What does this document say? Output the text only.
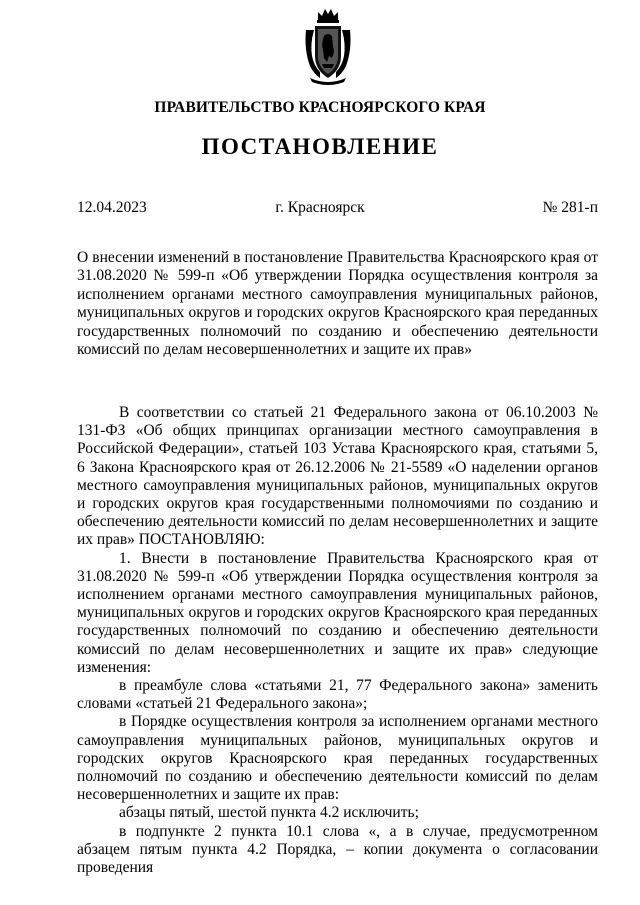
ПРАВИТЕЛЬСТВО КРАСНОЯРСКОГО КРАЯ
ПОСТАНОВЛЕНИЕ
12.04.2023	г. Красноярск	№ 281-п

О внесении изменений в постановление Правительства Красноярского края от 31.08.2020 № 599-п «Об утверждении Порядка осуществления контроля за исполнением органами местного самоуправления муниципальных районов, муниципальных округов и городских округов Красноярского края переданных государственных полномочий по созданию и обеспечению деятельности комиссий по делам несовершеннолетних и защите их прав»

В соответствии со статьей 21 Федерального закона от 06.10.2003 № 131-ФЗ «Об общих принципах организации местного самоуправления в Российской Федерации», статьей 103 Устава Красноярского края, статьями 5, 6 Закона Красноярского края от 26.12.2006 № 21-5589 «О наделении органов местного самоуправления муниципальных районов, муниципальных округов и городских округов края государственными полномочиями по созданию и обеспечению деятельности комиссий по делам несовершеннолетних и защите их прав» ПОСТАНОВЛЯЮ:

1. Внести в постановление Правительства Красноярского края от 31.08.2020 № 599-п «Об утверждении Порядка осуществления контроля за исполнением органами местного самоуправления муниципальных районов, муниципальных округов и городских округов Красноярского края переданных государственных полномочий по созданию и обеспечению деятельности комиссий по делам несовершеннолетних и защите их прав» следующие изменения:

в преамбуле слова «статьями 21, 77 Федерального закона» заменить словами «статьей 21 Федерального закона»;

в Порядке осуществления контроля за исполнением органами местного самоуправления муниципальных районов, муниципальных округов и городских округов Красноярского края переданных государственных полномочий по созданию и обеспечению деятельности комиссий по делам несовершеннолетних и защите их прав:

абзацы пятый, шестой пункта 4.2 исключить;

в подпункте 2 пункта 10.1 слова «, а в случае, предусмотренном абзацем пятым пункта 4.2 Порядка, – копии документа о согласовании проведения
